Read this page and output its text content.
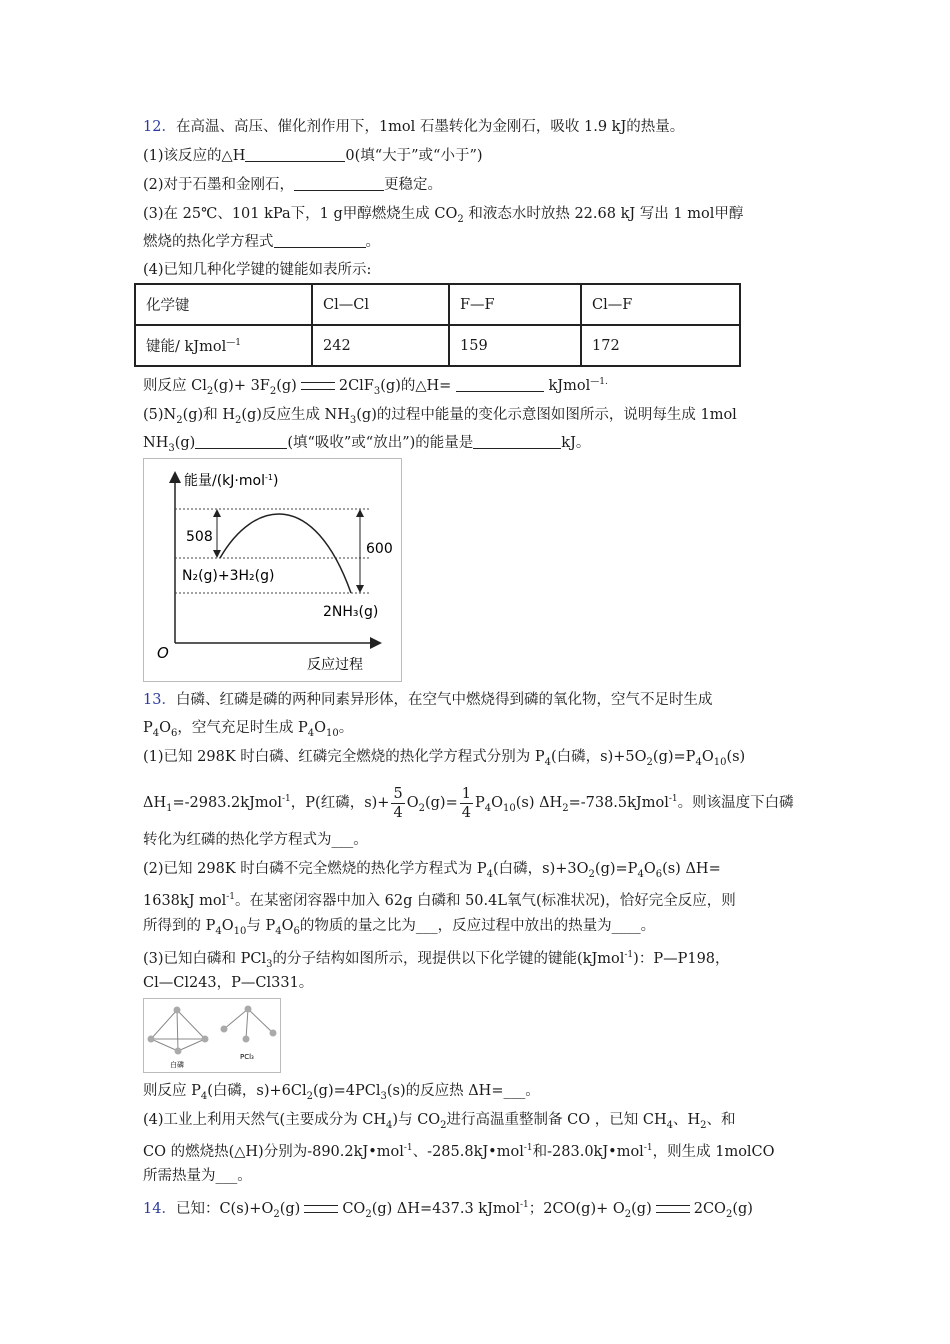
12．在高温、高压、催化剂作用下，1mol 石墨转化为金刚石，吸收 1.9 kJ的热量。
(1)该反应的△H	0(填“大于”或“小于”)
(2)对于石墨和金刚石，	更稳定。
(3)在 25℃、101 kPa下，1 g甲醇燃烧生成 $CO_2$ 和液态水时放热 22.68 kJ 写出 1 mol甲醇
燃烧的热化学方程式	。
(4)已知几种化学键的键能如表所示:
化学键	Cl—Cl	F—F	Cl—F
键能/ kJmol$^{—1}$	242	159	172
则反应 $Cl_2(g)+ 3F_2(g)$	2ClF$_3$(g)的△H=	kJmol$^{—1.}$
$(5)N_2(g)$和 $H_2(g)$反应生成 $NH_3(g)$的过程中能量的变化示意图如图所示，说明每生成 1mol
$NH_3(g)$	(填“吸收”或“放出”)的能量是	kJ。
能量/(kJ·mol$^{-1}$)
508
600
N₂(g)+3H₂(g)
2NH₃(g)
O
反应过程
13．白磷、红磷是磷的两种同素异形体，在空气中燃烧得到磷的氧化物，空气不足时生成
$P_4O_6$，空气充足时生成 $P_4O_{10}$。
(1)已知 298K 时白磷、红磷完全燃烧的热化学方程式分别为 $P_4$(白磷，$s)+5O_2(g)=P_4O_{10}(s)$
$\Delta H_1=-2983.2kJmol^{-1}$，P(红磷，$s)+ \frac{5}{4} O_2(g)= \frac{1}{4} P_4O_{10}(s)$ $\Delta H_2=-738.5kJmol^{-1}$。则该温度下白磷
转化为红磷的热化学方程式为___。
(2)已知 298K 时白磷不完全燃烧的热化学方程式为 $P_4$(白磷，$s)+3O_2(g)=P_4O_6(s)$ ΔH=
1638kJ mol$^{-1}$。在某密闭容器中加入 62g 白磷和 50.4L氧气(标准状况)，恰好完全反应，则
所得到的 $P_4O_{10}$与 $P_4O_6$的物质的量之比为___，反应过程中放出的热量为____。
(3)已知白磷和 PCl$_3$的分子结构如图所示，现提供以下化学键的键能(kJmol$^{-1}$)：P—P198，
Cl—Cl243，P—Cl331。
白磷
PCl₃
则反应 $P_4$(白磷，$s)+6Cl_2(g)=4PCl_3(s)$的反应热 ΔH=___。
(4)工业上利用天然气(主要成分为 $CH_4$)与 $CO_2$进行高温重整制备 CO ，已知 $CH_4$、$H_2$、和
CO 的燃烧热(△H)分别为-890.2kJ•mol$^{-1}$、-285.8kJ•mol$^{-1}$和-283.0kJ•mol$^{-1}$，则生成 1molCO
所需热量为___。
14．已知：$C(s)+O_2(g)$	$CO_2(g)$ ΔH=437.3 kJmol$^{-1}$；$2CO(g)+ O_2(g)$	$2CO_2(g)$
